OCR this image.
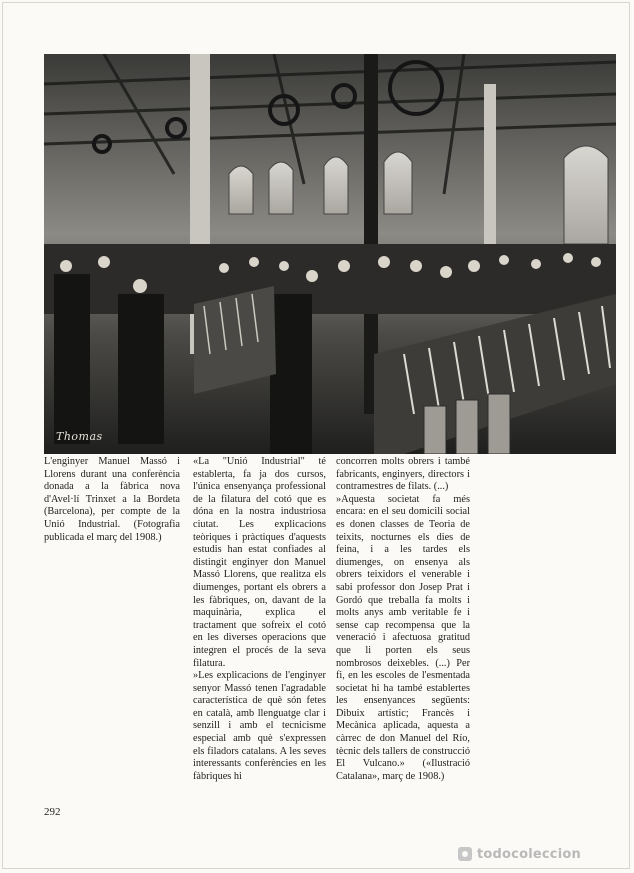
Thomas

L'enginyer Manuel Massó i Llorens durant una conferència donada a la fàbrica nova d'Avel·lí Trinxet a la Bordeta (Barcelona), per compte de la Unió Industrial. (Fotografia publicada el març del 1908.)

«La "Unió Industrial" té establerta, fa ja dos cursos, l'única ensenyança professional de la filatura del cotó que es dóna en la nostra industriosa ciutat. Les explicacions teòriques i pràctiques d'aquests estudis han estat confiades al distingit enginyer don Manuel Massó Llorens, que realitza els diumenges, portant els obrers a les fàbriques, on, davant de la maquinària, explica el tractament que sofreix el cotó en les diverses operacions que integren el procés de la seva filatura.

»Les explicacions de l'enginyer senyor Massó tenen l'agradable característica de què són fetes en català, amb llenguatge clar i senzill i amb el tecnicisme especial amb què s'expressen els filadors catalans. A les seves interessants conferències en les fàbriques hi

concorren molts obrers i també fabricants, enginyers, directors i contramestres de filats. (...)

»Aquesta societat fa més encara: en el seu domicili social es donen classes de Teoria de teixits, nocturnes els dies de feina, i a les tardes els diumenges, on ensenya als obrers teixidors el venerable i sabi professor don Josep Prat i Gordó que treballa fa molts i molts anys amb veritable fe i sense cap recompensa que la veneració i afectuosa gratitud que li porten els seus nombrosos deixebles. (...) Per fi, en les escoles de l'esmentada societat hi ha també establertes les ensenyances següents: Dibuix artístic; Francès i Mecànica aplicada, aquesta a càrrec de don Manuel del Río, tècnic dels tallers de construcció El Vulcano.» («Ilustració Catalana», març de 1908.)

292
todocoleccion
